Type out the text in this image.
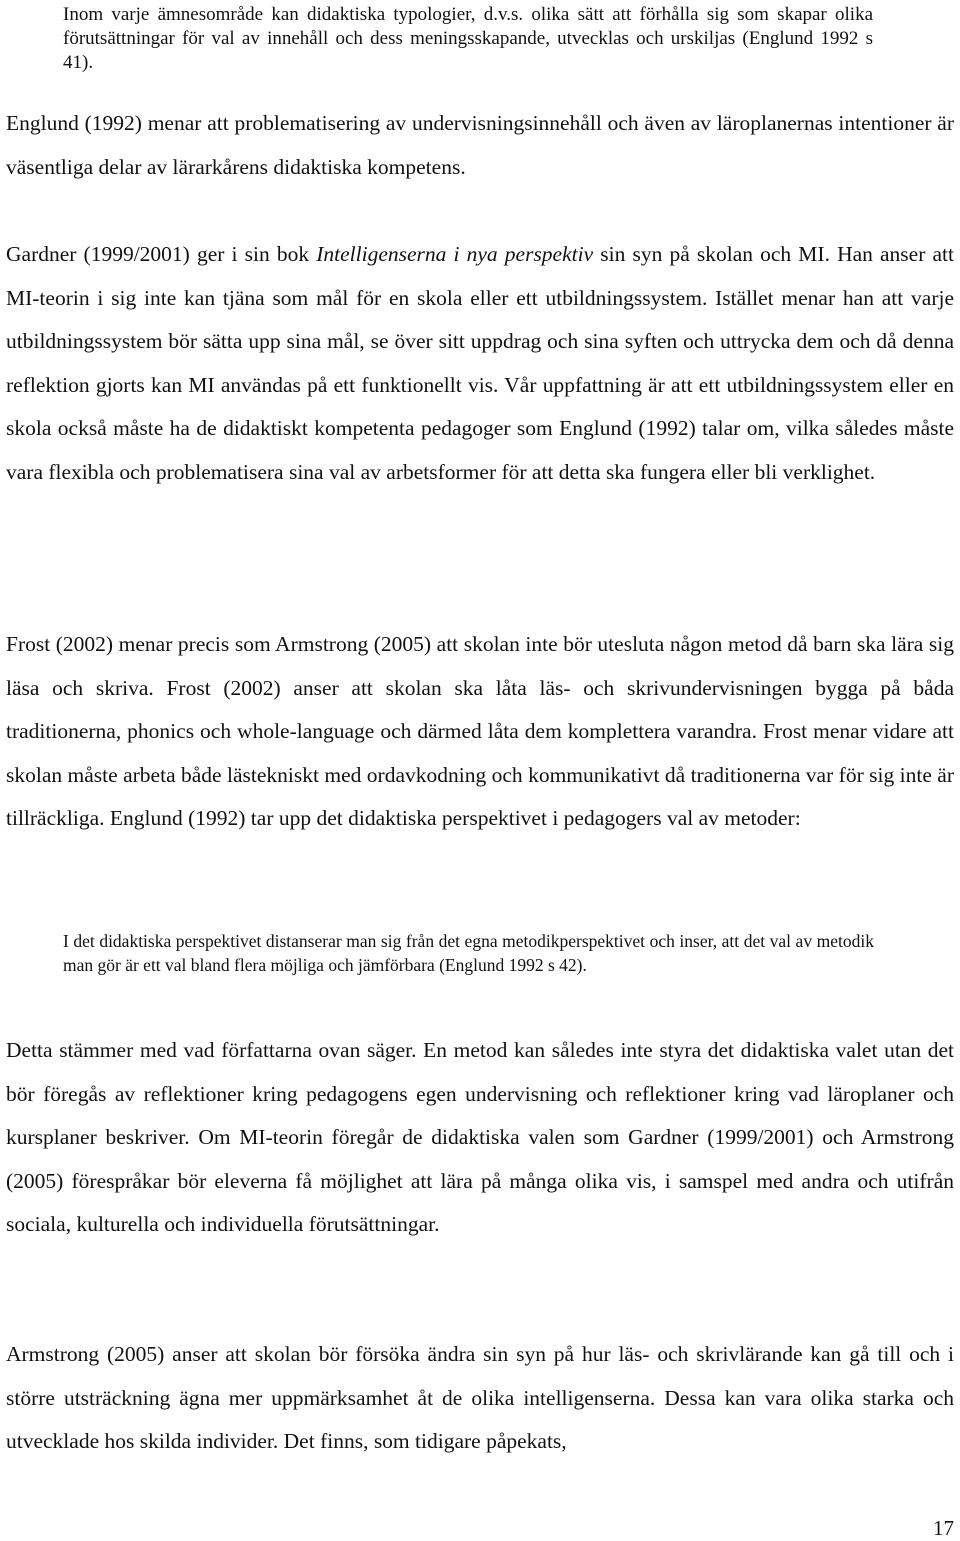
Inom varje ämnesområde kan didaktiska typologier, d.v.s. olika sätt att förhålla sig som skapar olika förutsättningar för val av innehåll och dess meningsskapande, utvecklas och urskiljas (Englund 1992 s 41).

Englund (1992) menar att problematisering av undervisningsinnehåll och även av läroplanernas intentioner är väsentliga delar av lärarkårens didaktiska kompetens.

Gardner (1999/2001) ger i sin bok Intelligenserna i nya perspektiv sin syn på skolan och MI. Han anser att MI-teorin i sig inte kan tjäna som mål för en skola eller ett utbildningssystem. Istället menar han att varje utbildningssystem bör sätta upp sina mål, se över sitt uppdrag och sina syften och uttrycka dem och då denna reflektion gjorts kan MI användas på ett funktionellt vis. Vår uppfattning är att ett utbildningssystem eller en skola också måste ha de didaktiskt kompetenta pedagoger som Englund (1992) talar om, vilka således måste vara flexibla och problematisera sina val av arbetsformer för att detta ska fungera eller bli verklighet.

Frost (2002) menar precis som Armstrong (2005) att skolan inte bör utesluta någon metod då barn ska lära sig läsa och skriva. Frost (2002) anser att skolan ska låta läs- och skrivundervisningen bygga på båda traditionerna, phonics och whole-language och därmed låta dem komplettera varandra. Frost menar vidare att skolan måste arbeta både lästekniskt med ordavkodning och kommunikativt då traditionerna var för sig inte är tillräckliga. Englund (1992) tar upp det didaktiska perspektivet i pedagogers val av metoder:

I det didaktiska perspektivet distanserar man sig från det egna metodikperspektivet och inser, att det val av metodik man gör är ett val bland flera möjliga och jämförbara (Englund 1992 s 42).

Detta stämmer med vad författarna ovan säger. En metod kan således inte styra det didaktiska valet utan det bör föregås av reflektioner kring pedagogens egen undervisning och reflektioner kring vad läroplaner och kursplaner beskriver. Om MI-teorin föregår de didaktiska valen som Gardner (1999/2001) och Armstrong (2005) förespråkar bör eleverna få möjlighet att lära på många olika vis, i samspel med andra och utifrån sociala, kulturella och individuella förutsättningar.

Armstrong (2005) anser att skolan bör försöka ändra sin syn på hur läs- och skrivlärande kan gå till och i större utsträckning ägna mer uppmärksamhet åt de olika intelligenserna. Dessa kan vara olika starka och utvecklade hos skilda individer. Det finns, som tidigare påpekats,

17
